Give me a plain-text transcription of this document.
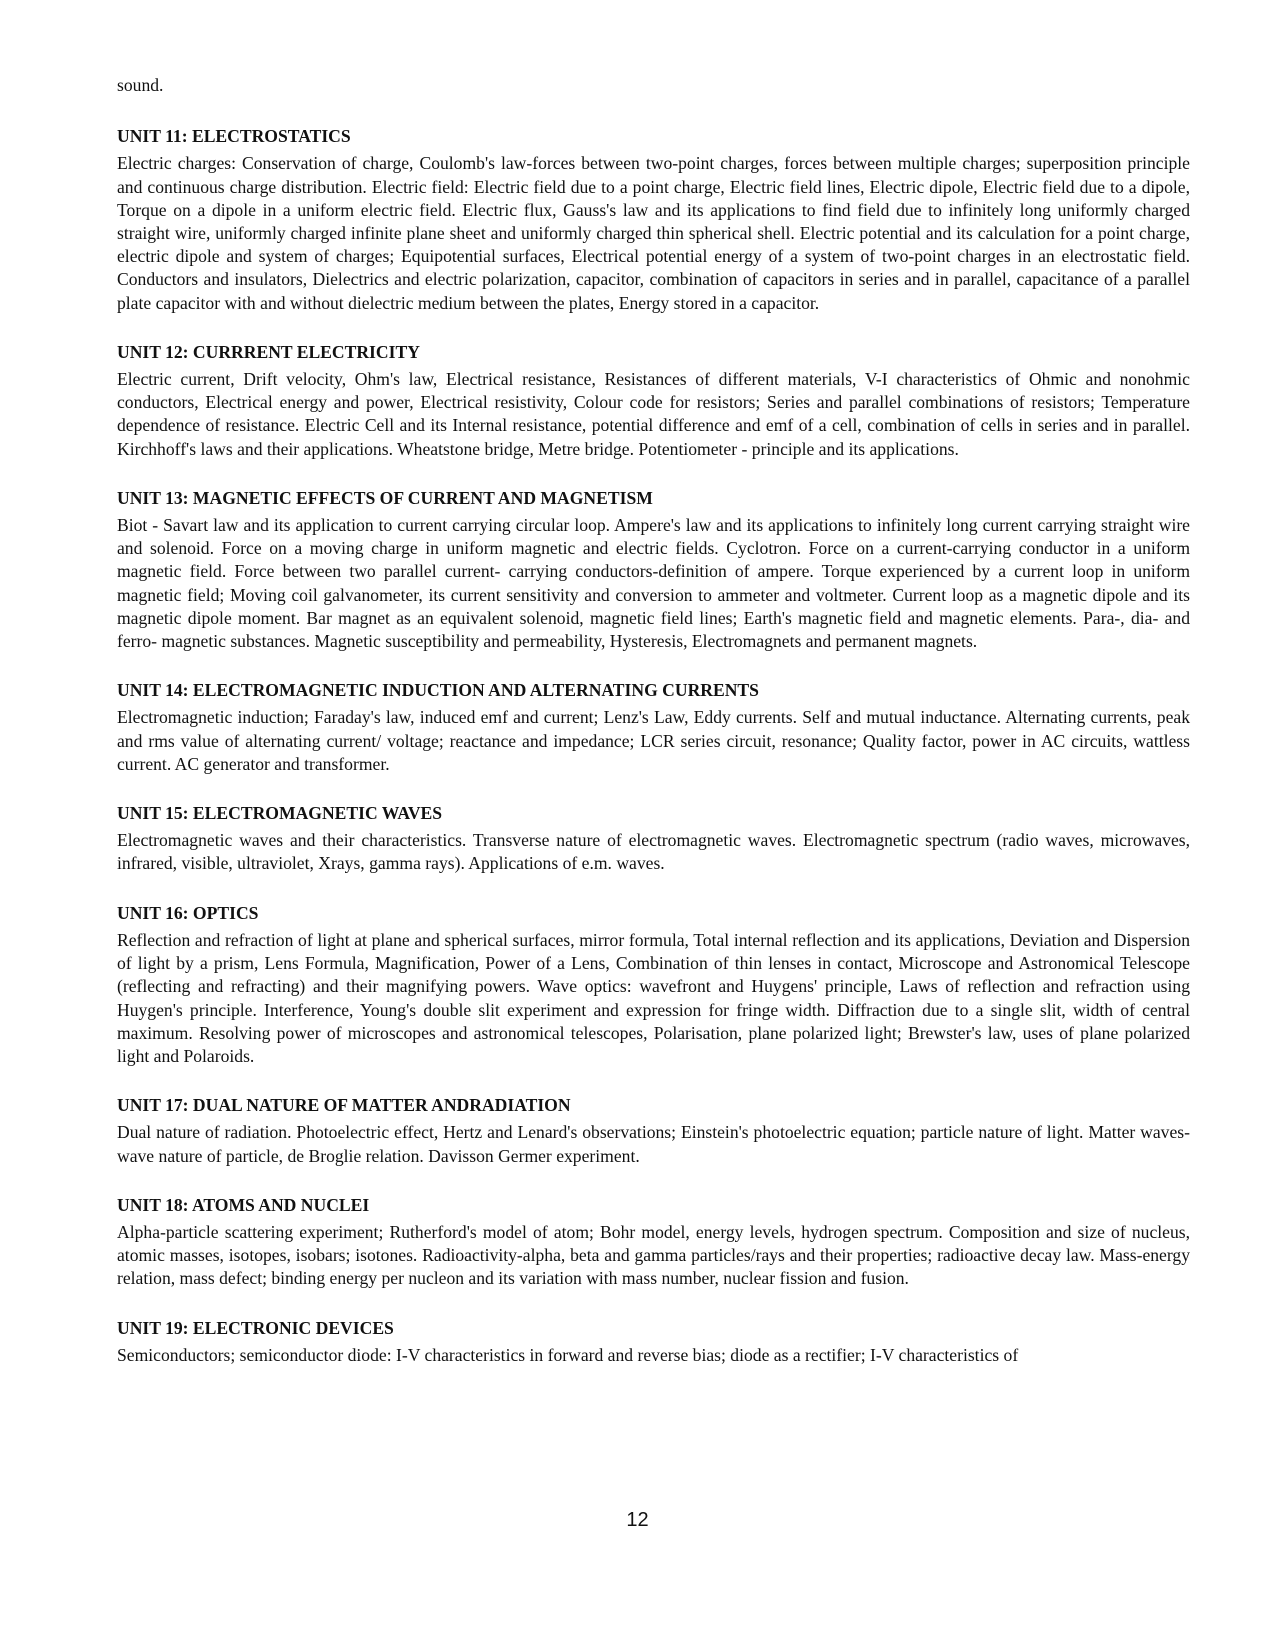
sound.

UNIT 11: ELECTROSTATICS

Electric charges: Conservation of charge, Coulomb's law-forces between two-point charges, forces between multiple charges; superposition principle and continuous charge distribution. Electric field: Electric field due to a point charge, Electric field lines, Electric dipole, Electric field due to a dipole, Torque on a dipole in a uniform electric field. Electric flux, Gauss's law and its applications to find field due to infinitely long uniformly charged straight wire, uniformly charged infinite plane sheet and uniformly charged thin spherical shell. Electric potential and its calculation for a point charge, electric dipole and system of charges; Equipotential surfaces, Electrical potential energy of a system of two-point charges in an electrostatic field. Conductors and insulators, Dielectrics and electric polarization, capacitor, combination of capacitors in series and in parallel, capacitance of a parallel plate capacitor with and without dielectric medium between the plates, Energy stored in a capacitor.

UNIT 12: CURRRENT ELECTRICITY

Electric current, Drift velocity, Ohm's law, Electrical resistance, Resistances of different materials, V-I characteristics of Ohmic and nonohmic conductors, Electrical energy and power, Electrical resistivity, Colour code for resistors; Series and parallel combinations of resistors; Temperature dependence of resistance. Electric Cell and its Internal resistance, potential difference and emf of a cell, combination of cells in series and in parallel. Kirchhoff's laws and their applications. Wheatstone bridge, Metre bridge. Potentiometer - principle and its applications.

UNIT 13: MAGNETIC EFFECTS OF CURRENT AND MAGNETISM

Biot - Savart law and its application to current carrying circular loop. Ampere's law and its applications to infinitely long current carrying straight wire and solenoid. Force on a moving charge in uniform magnetic and electric fields. Cyclotron. Force on a current-carrying conductor in a uniform magnetic field. Force between two parallel current- carrying conductors-definition of ampere. Torque experienced by a current loop in uniform magnetic field; Moving coil galvanometer, its current sensitivity and conversion to ammeter and voltmeter. Current loop as a magnetic dipole and its magnetic dipole moment. Bar magnet as an equivalent solenoid, magnetic field lines; Earth's magnetic field and magnetic elements. Para-, dia- and ferro- magnetic substances. Magnetic susceptibility and permeability, Hysteresis, Electromagnets and permanent magnets.

UNIT 14: ELECTROMAGNETIC INDUCTION AND ALTERNATING CURRENTS

Electromagnetic induction; Faraday's law, induced emf and current; Lenz's Law, Eddy currents. Self and mutual inductance. Alternating currents, peak and rms value of alternating current/ voltage; reactance and impedance; LCR series circuit, resonance; Quality factor, power in AC circuits, wattless current. AC generator and transformer.

UNIT 15: ELECTROMAGNETIC WAVES

Electromagnetic waves and their characteristics. Transverse nature of electromagnetic waves. Electromagnetic spectrum (radio waves, microwaves, infrared, visible, ultraviolet, Xrays, gamma rays). Applications of e.m. waves.

UNIT 16: OPTICS

Reflection and refraction of light at plane and spherical surfaces, mirror formula, Total internal reflection and its applications, Deviation and Dispersion of light by a prism, Lens Formula, Magnification, Power of a Lens, Combination of thin lenses in contact, Microscope and Astronomical Telescope (reflecting and refracting) and their magnifying powers. Wave optics: wavefront and Huygens' principle, Laws of reflection and refraction using Huygen's principle. Interference, Young's double slit experiment and expression for fringe width. Diffraction due to a single slit, width of central maximum. Resolving power of microscopes and astronomical telescopes, Polarisation, plane polarized light; Brewster's law, uses of plane polarized light and Polaroids.

UNIT 17: DUAL NATURE OF MATTER ANDRADIATION

Dual nature of radiation. Photoelectric effect, Hertz and Lenard's observations; Einstein's photoelectric equation; particle nature of light. Matter waves-wave nature of particle, de Broglie relation. Davisson Germer experiment.

UNIT 18: ATOMS AND NUCLEI

Alpha-particle scattering experiment; Rutherford's model of atom; Bohr model, energy levels, hydrogen spectrum. Composition and size of nucleus, atomic masses, isotopes, isobars; isotones. Radioactivity-alpha, beta and gamma particles/rays and their properties; radioactive decay law. Mass-energy relation, mass defect; binding energy per nucleon and its variation with mass number, nuclear fission and fusion.

UNIT 19: ELECTRONIC DEVICES

Semiconductors; semiconductor diode: I-V characteristics in forward and reverse bias; diode as a rectifier; I-V characteristics of

12
